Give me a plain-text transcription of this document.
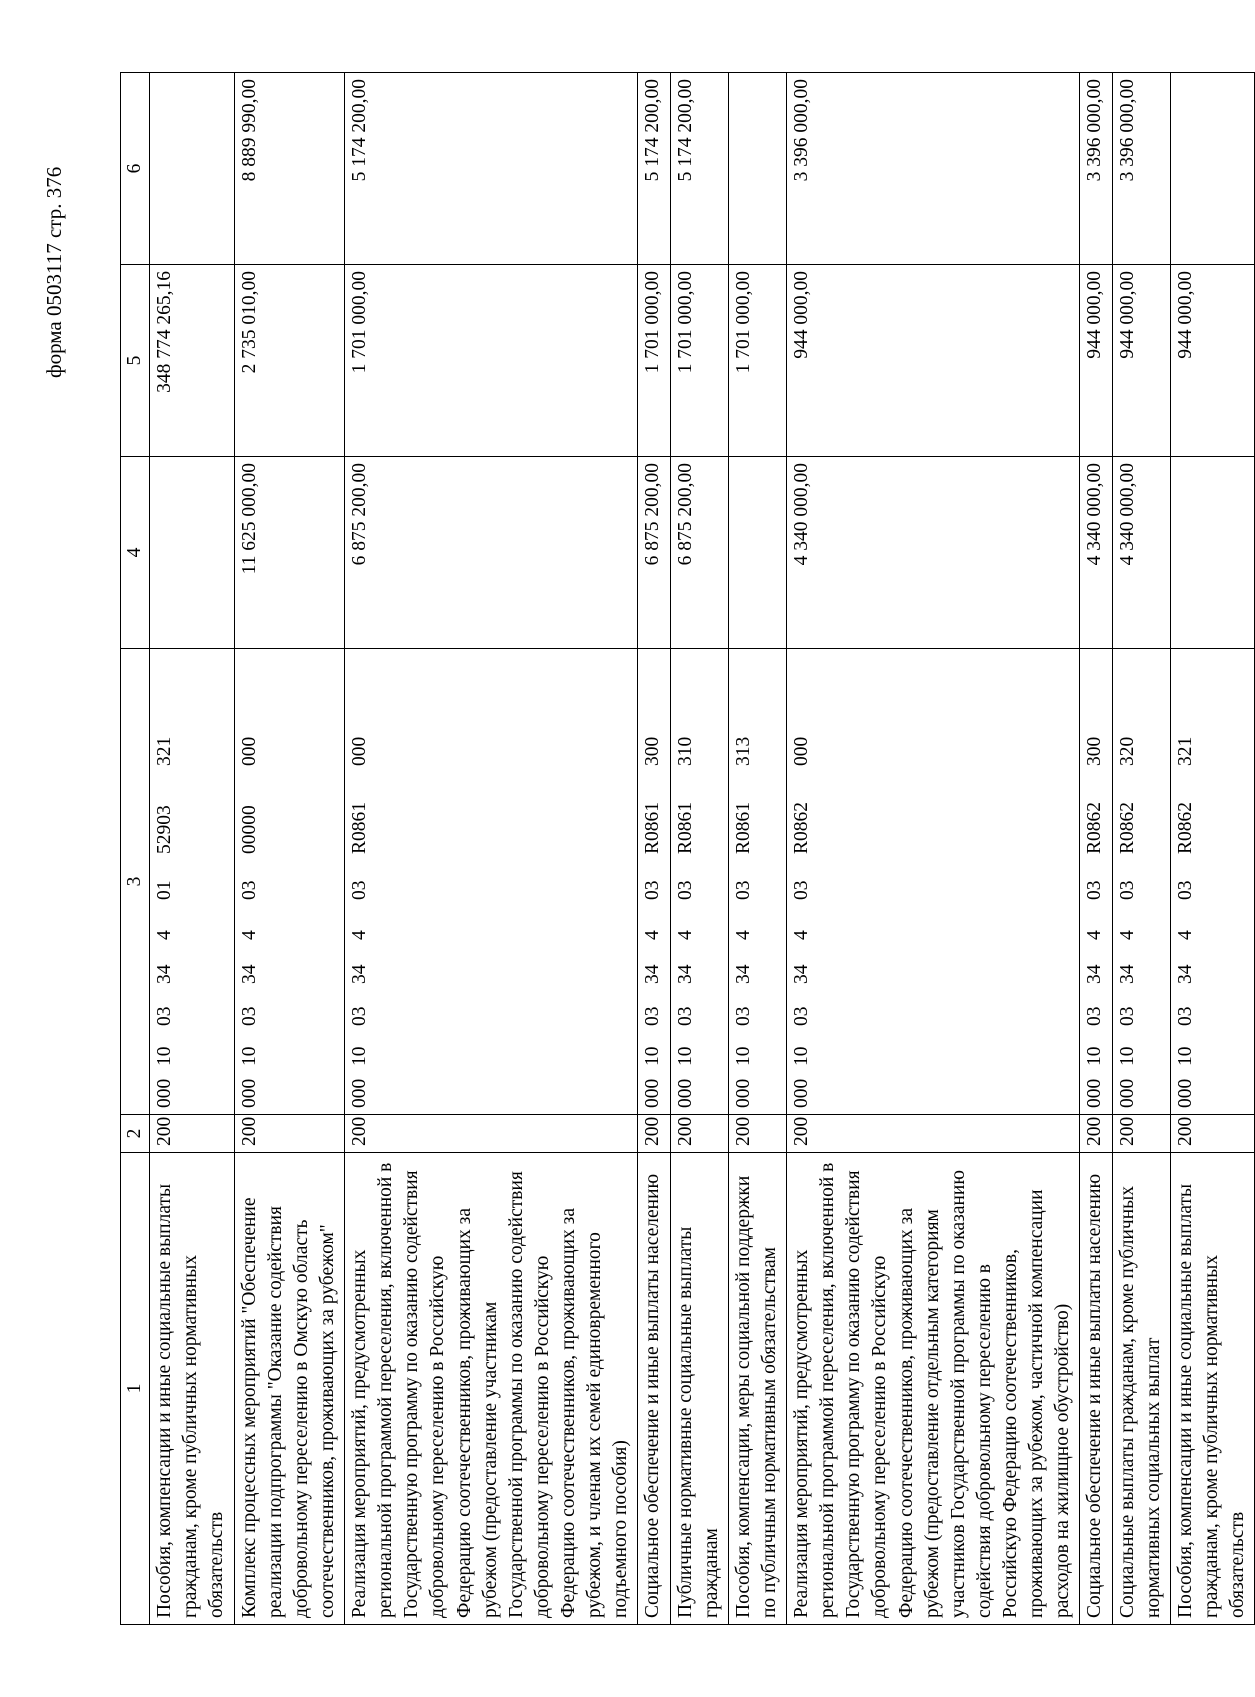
форма 0503117 стр. 376
1	2	3	4	5	6
Пособия, компенсации и иные социальные выплаты гражданам, кроме публичных нормативных обязательств	200	00010033440152903321		348 774 265,16	
Комплекс процессных мероприятий "Обеспечение реализации подпрограммы "Оказание содействия добровольному переселению в Омскую область соотечественников, проживающих за рубежом"	200	00010033440300000000	11 625 000,00	2 735 010,00	8 889 990,00
Реализация мероприятий, предусмотренных региональной программой переселения, включенной в Государственную программу по оказанию содействия добровольному переселению в Российскую Федерацию соотечественников, проживающих за рубежом (предоставление участникам Государственной программы по оказанию содействия добровольному переселению в Российскую Федерацию соотечественников, проживающих за рубежом, и членам их семей единовременного подъемного пособия)	200	000100334403R0861000	6 875 200,00	1 701 000,00	5 174 200,00
Социальное обеспечение и иные выплаты населению	200	000100334403R0861300	6 875 200,00	1 701 000,00	5 174 200,00
Публичные нормативные социальные выплаты гражданам	200	000100334403R0861310	6 875 200,00	1 701 000,00	5 174 200,00
Пособия, компенсации, меры социальной поддержки по публичным нормативным обязательствам	200	000100334403R0861313		1 701 000,00	
Реализация мероприятий, предусмотренных региональной программой переселения, включенной в Государственную программу по оказанию содействия добровольному переселению в Российскую Федерацию соотечественников, проживающих за рубежом (предоставление отдельным категориям участников Государственной программы по оказанию содействия добровольному переселению в Российскую Федерацию соотечественников, проживающих за рубежом, частичной компенсации расходов на жилищное обустройство)	200	000100334403R0862000	4 340 000,00	944 000,00	3 396 000,00
Социальное обеспечение и иные выплаты населению	200	000100334403R0862300	4 340 000,00	944 000,00	3 396 000,00
Социальные выплаты гражданам, кроме публичных нормативных социальных выплат	200	000100334403R0862320	4 340 000,00	944 000,00	3 396 000,00
Пособия, компенсации и иные социальные выплаты гражданам, кроме публичных нормативных обязательств	200	000100334403R0862321		944 000,00	
